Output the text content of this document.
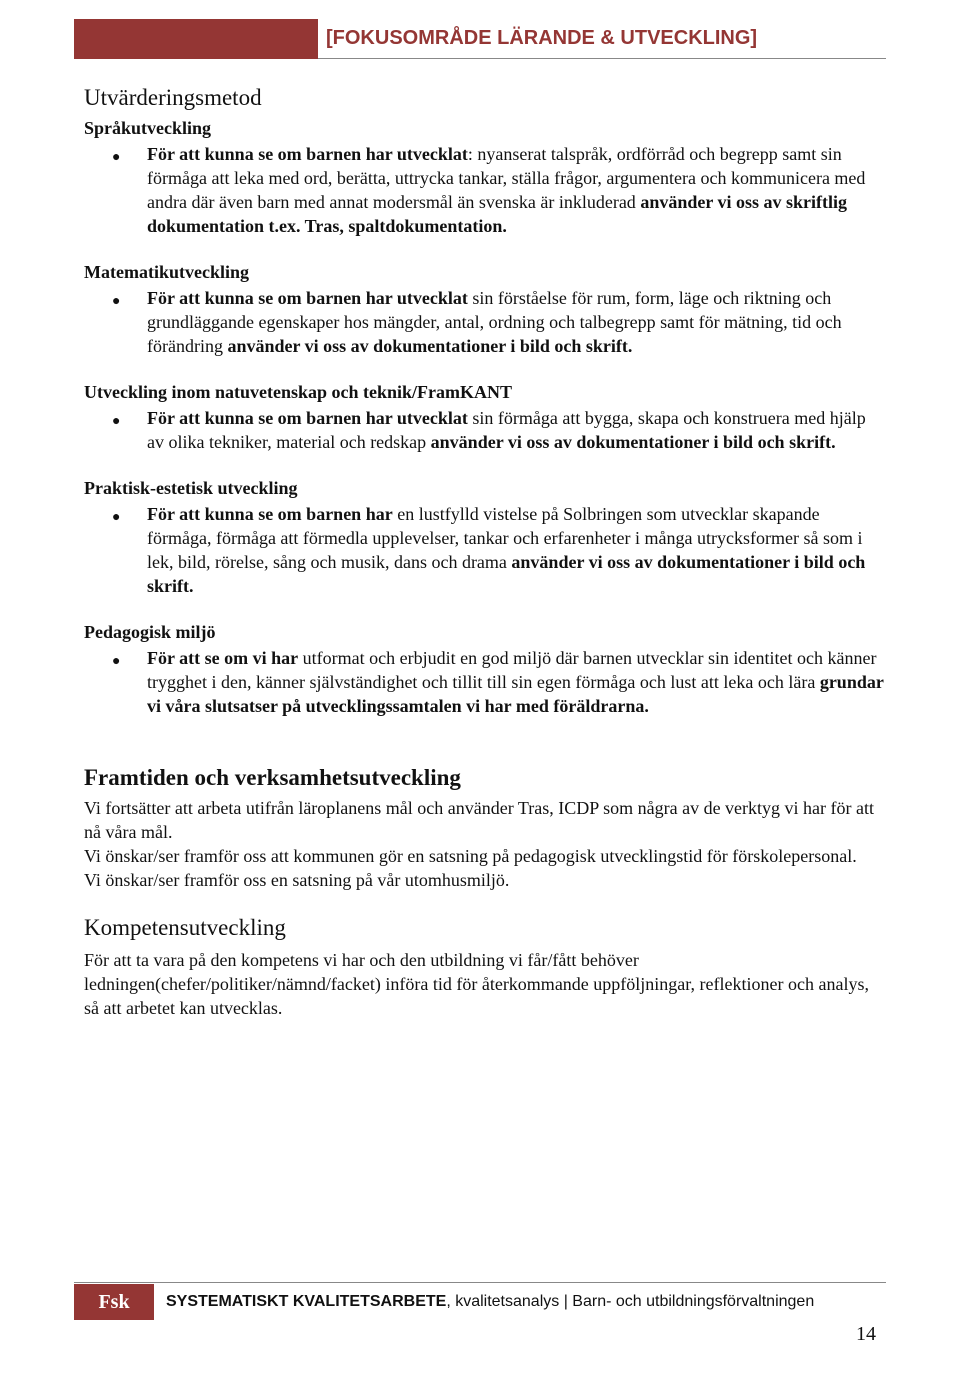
[FOKUSOMRÅDE LÄRANDE & UTVECKLING]
Utvärderingsmetod
Språkutveckling
● För att kunna se om barnen har utvecklat: nyanserat talspråk, ordförråd och begrepp samt sin förmåga att leka med ord, berätta, uttrycka tankar, ställa frågor, argumentera och kommunicera med andra där även barn med annat modersmål än svenska är inkluderad använder vi oss av skriftlig dokumentation t.ex. Tras, spaltdokumentation.
Matematikutveckling
● För att kunna se om barnen har utvecklat sin förståelse för rum, form, läge och riktning och grundläggande egenskaper hos mängder, antal, ordning och talbegrepp samt för mätning, tid och förändring använder vi oss av dokumentationer i bild och skrift.
Utveckling inom natuvetenskap och teknik/FramKANT
● För att kunna se om barnen har utvecklat sin förmåga att bygga, skapa och konstruera med hjälp av olika tekniker, material och redskap använder vi oss av dokumentationer i bild och skrift.
Praktisk-estetisk utveckling
● För att kunna se om barnen har en lustfylld vistelse på Solbringen som utvecklar skapande förmåga, förmåga att förmedla upplevelser, tankar och erfarenheter i många utrycksformer så som i lek, bild, rörelse, sång och musik, dans och drama använder vi oss av dokumentationer i bild och skrift.
Pedagogisk miljö
● För att se om vi har utformat och erbjudit en god miljö där barnen utvecklar sin identitet och känner trygghet i den, känner självständighet och tillit till sin egen förmåga och lust att leka och lära grundar vi våra slutsatser på utvecklingssamtalen vi har med föräldrarna.
Framtiden och verksamhetsutveckling

Vi fortsätter att arbeta utifrån läroplanens mål och använder Tras, ICDP som några av de verktyg vi har för att nå våra mål.

Vi önskar/ser framför oss att kommunen gör en satsning på pedagogisk utvecklingstid för förskolepersonal.

Vi önskar/ser framför oss en satsning på vår utomhusmiljö.

Kompetensutveckling

För att ta vara på den kompetens vi har och den utbildning vi får/fått behöver ledningen(chefer/politiker/nämnd/facket) införa tid för återkommande uppföljningar, reflektioner och analys, så att arbetet kan utvecklas.

Fsk	SYSTEMATISKT KVALITETSARBETE, kvalitetsanalys | Barn- och utbildningsförvaltningen
14
